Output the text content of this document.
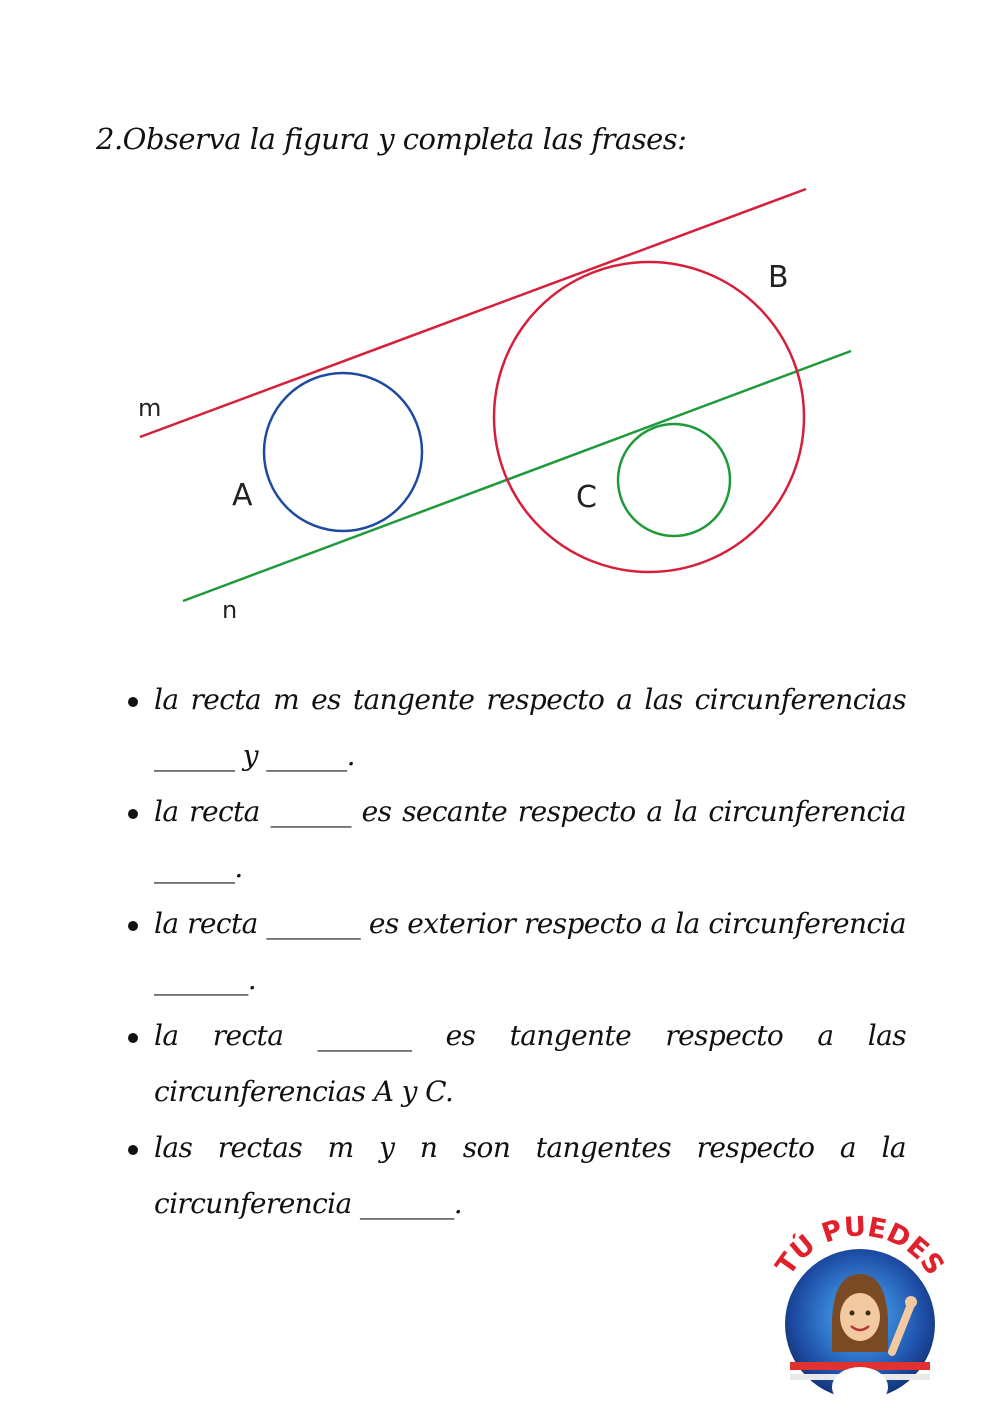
2.Observa la figura y completa las frases:
m
n
A
B
C
la recta m es tangente respecto a las circunferencias ______ y ______.
la recta ______ es secante respecto a la circunferencia ______.
la recta _______ es exterior respecto a la circunferencia _______.
la recta _______ es tangente respecto a las circunferencias A y C.
las rectas m y n son tangentes respecto a la circunferencia _______.
TÚ PUEDES
